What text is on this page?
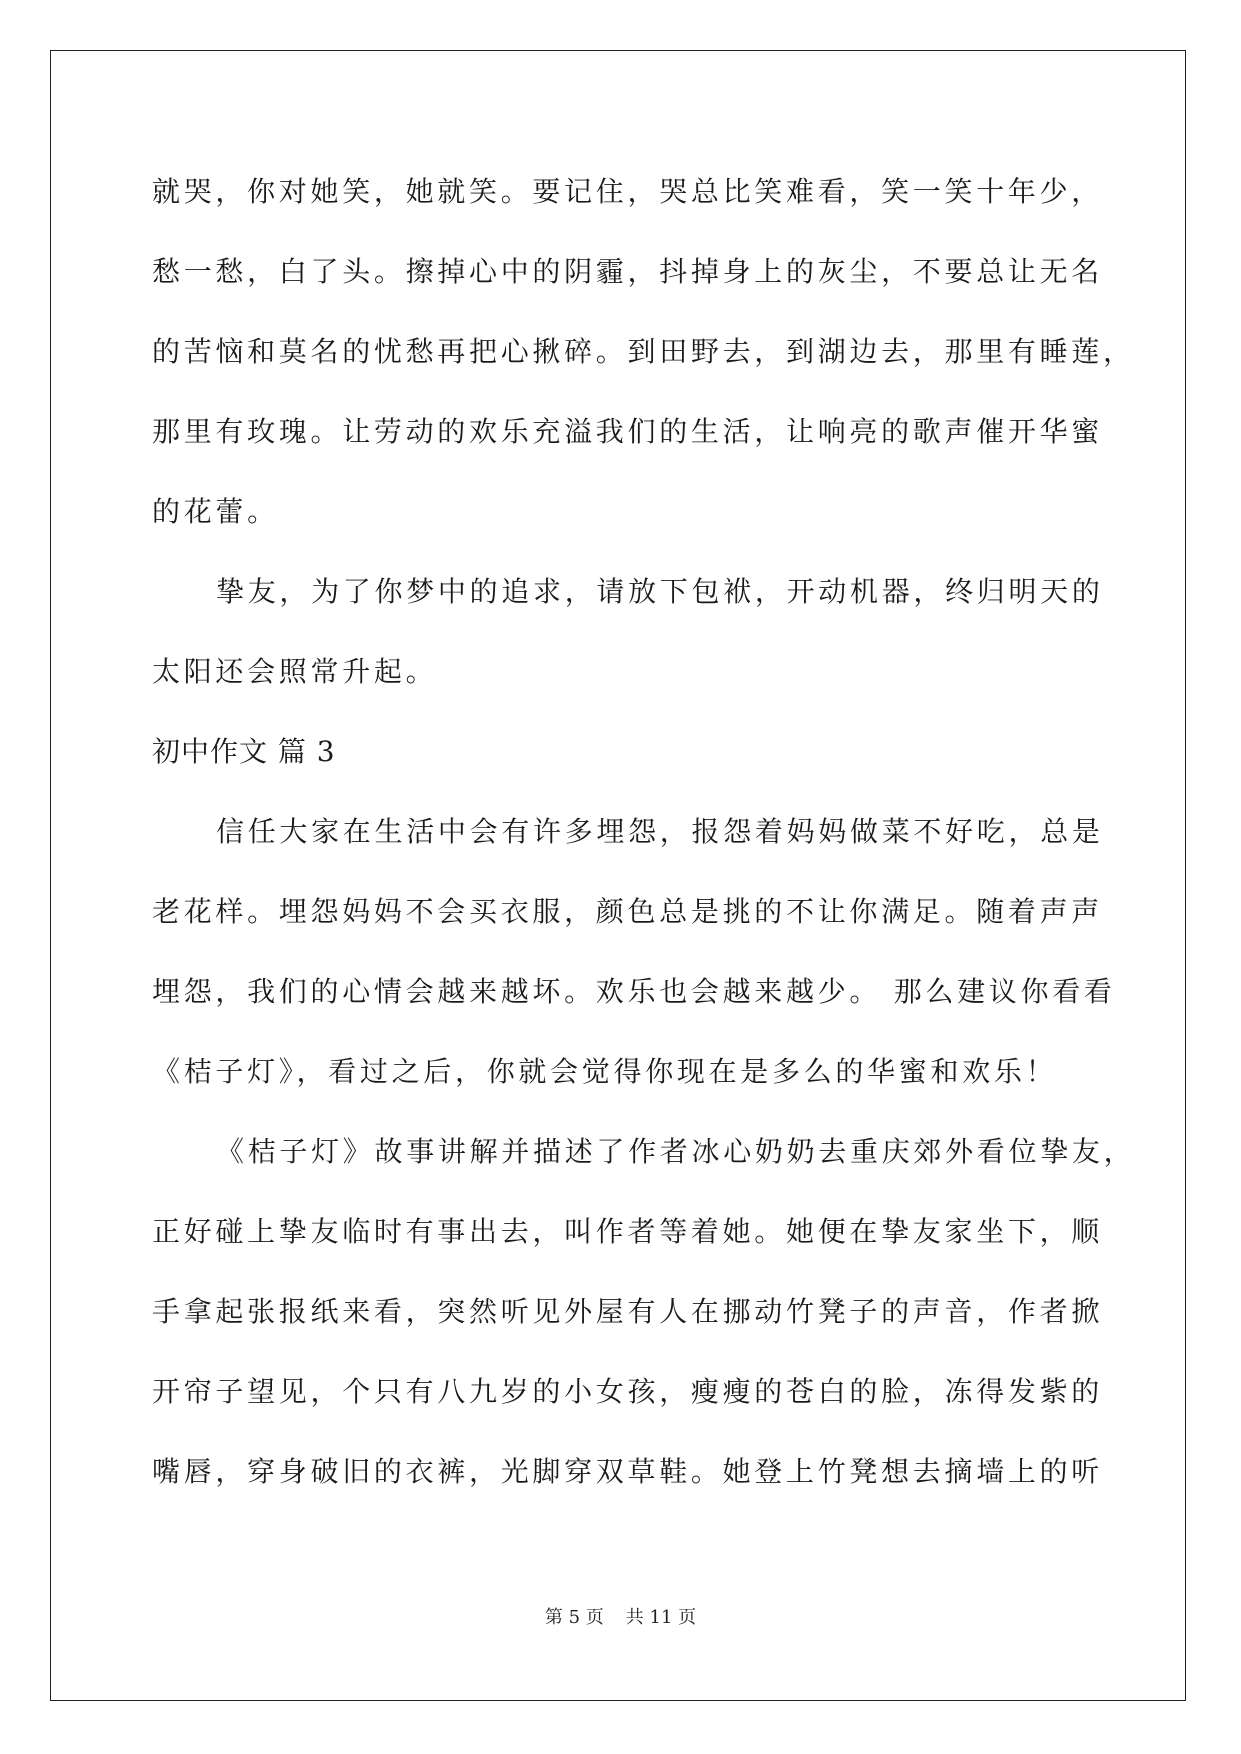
就哭，你对她笑，她就笑。要记住，哭总比笑难看，笑一笑十年少，
愁一愁，白了头。擦掉心中的阴霾，抖掉身上的灰尘，不要总让无名
的苦恼和莫名的忧愁再把心揪碎。到田野去，到湖边去，那里有睡莲，
那里有玫瑰。让劳动的欢乐充溢我们的生活，让响亮的歌声催开华蜜
的花蕾。
挚友，为了你梦中的追求，请放下包袱，开动机器，终归明天的
太阳还会照常升起。
初中作文 篇 3
信任大家在生活中会有许多埋怨，报怨着妈妈做菜不好吃，总是
老花样。埋怨妈妈不会买衣服，颜色总是挑的不让你满足。随着声声
埋怨，我们的心情会越来越坏。欢乐也会越来越少。 那么建议你看看
《桔子灯》，看过之后，你就会觉得你现在是多么的华蜜和欢乐！
《桔子灯》故事讲解并描述了作者冰心奶奶去重庆郊外看位挚友，
正好碰上挚友临时有事出去，叫作者等着她。她便在挚友家坐下，顺
手拿起张报纸来看，突然听见外屋有人在挪动竹凳子的声音，作者掀
开帘子望见，个只有八九岁的小女孩，瘦瘦的苍白的脸，冻得发紫的
嘴唇，穿身破旧的衣裤，光脚穿双草鞋。她登上竹凳想去摘墙上的听
第 5 页 共 11 页
